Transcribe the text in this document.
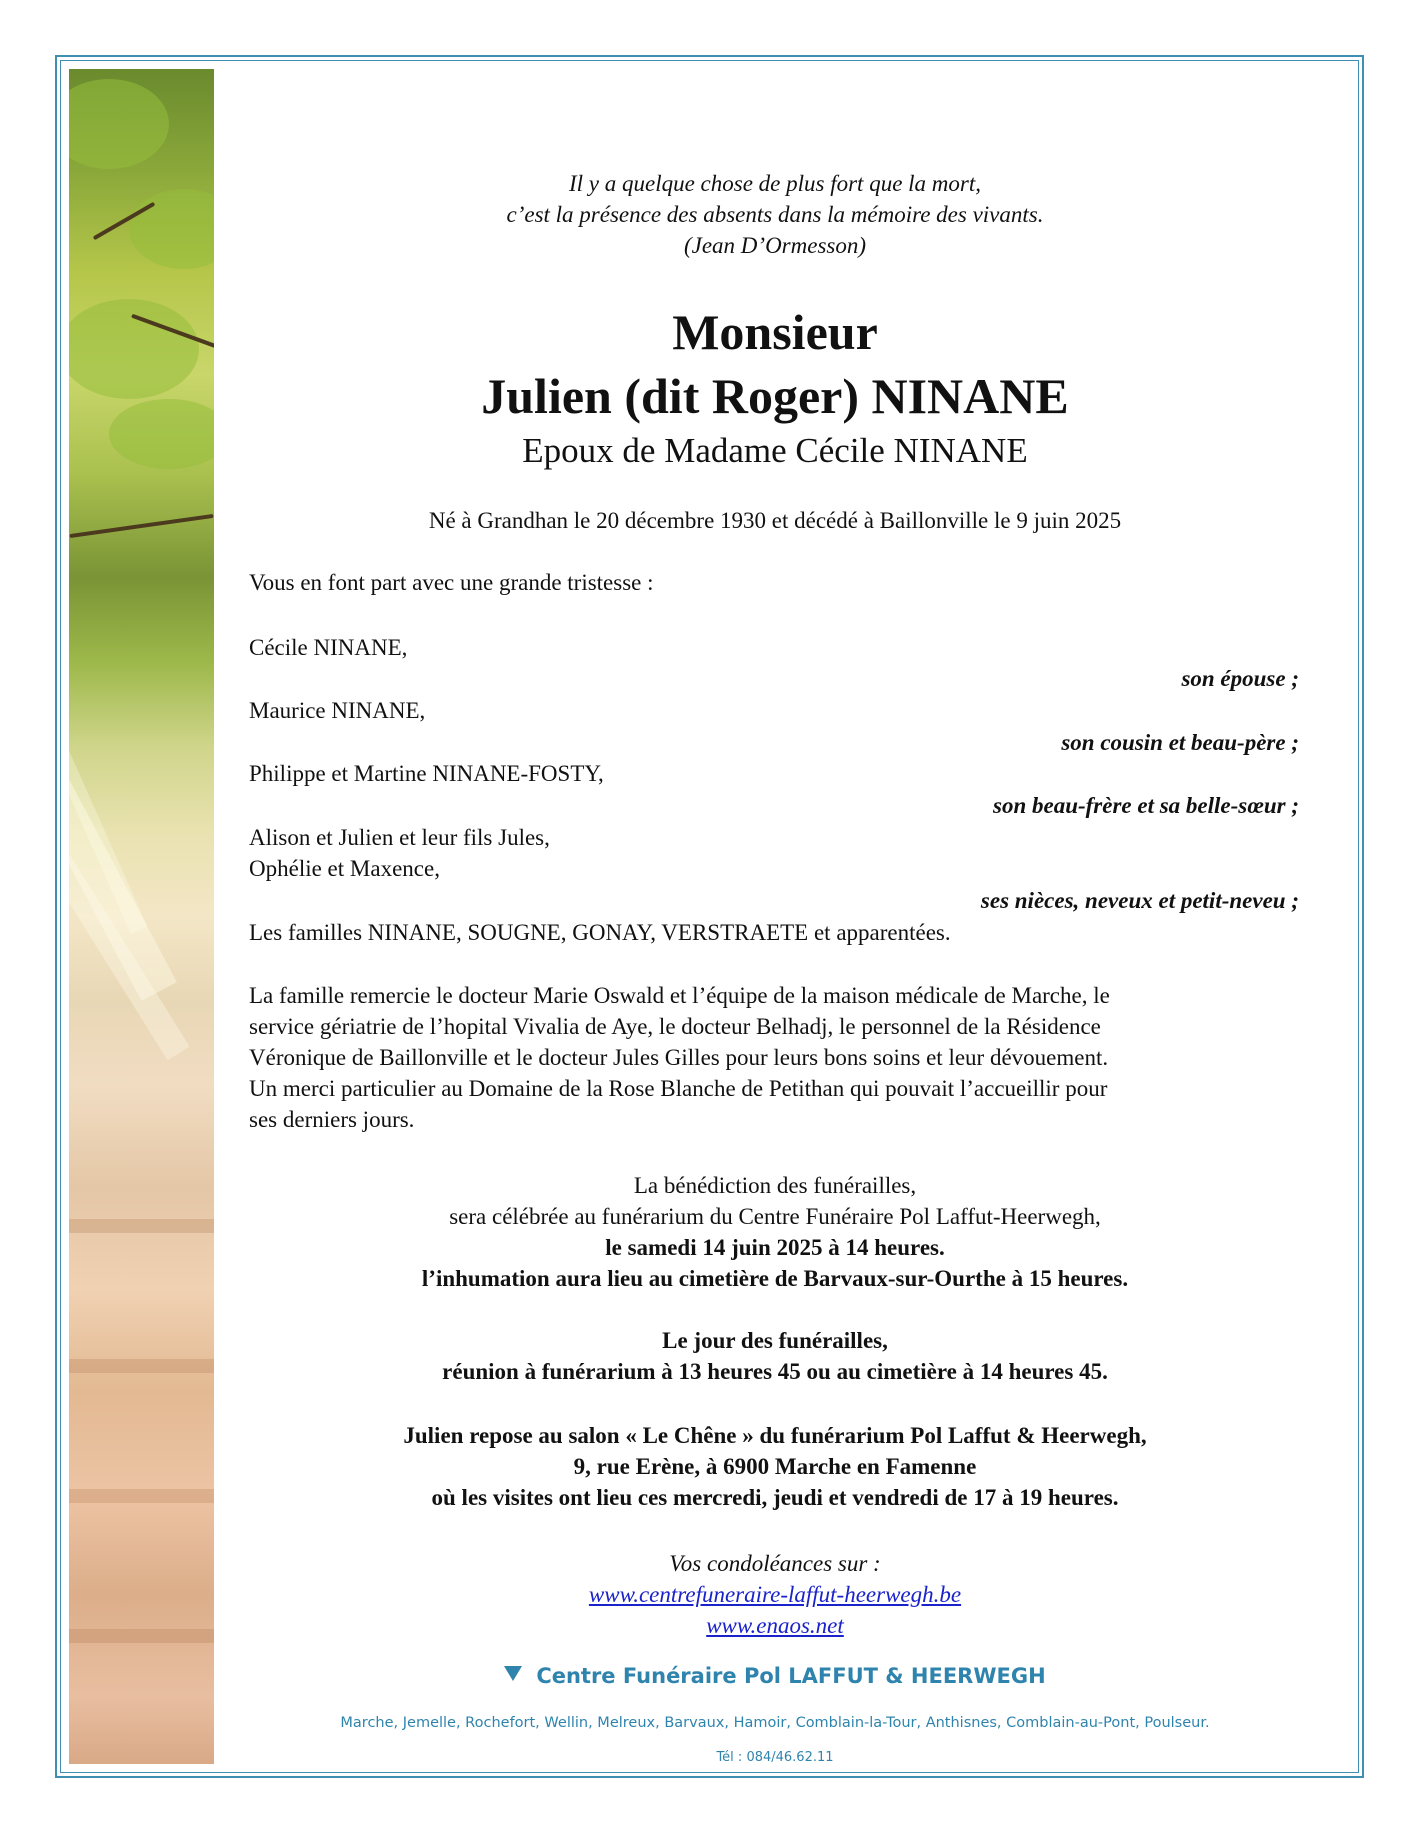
Il y a quelque chose de plus fort que la mort,
c’est la présence des absents dans la mémoire des vivants.
(Jean D’Ormesson)
Monsieur
Julien (dit Roger) NINANE
Epoux de Madame Cécile NINANE
Né à Grandhan le 20 décembre 1930 et décédé à Baillonville le 9 juin 2025
Vous en font part avec une grande tristesse :
Cécile NINANE,
son épouse ;
Maurice NINANE,
son cousin et beau-père ;
Philippe et Martine NINANE-FOSTY,
son beau-frère et sa belle-sœur ;
Alison et Julien et leur fils Jules,
Ophélie et Maxence,
ses nièces, neveux et petit-neveu ;
Les familles NINANE, SOUGNE, GONAY, VERSTRAETE et apparentées.
La famille remercie le docteur Marie Oswald et l’équipe de la maison médicale de Marche, le
service gériatrie de l’hopital Vivalia de Aye, le docteur Belhadj, le personnel de la Résidence
Véronique de Baillonville et le docteur Jules Gilles pour leurs bons soins et leur dévouement.
Un merci particulier au Domaine de la Rose Blanche de Petithan qui pouvait l’accueillir pour
ses derniers jours.
La bénédiction des funérailles,
sera célébrée au funérarium du Centre Funéraire Pol Laffut-Heerwegh,
le samedi 14 juin 2025 à 14 heures.
l’inhumation aura lieu au cimetière de Barvaux-sur-Ourthe à 15 heures.
Le jour des funérailles,
réunion à funérarium à 13 heures 45 ou au cimetière à 14 heures 45.
Julien repose au salon « Le Chêne » du funérarium Pol Laffut & Heerwegh,
9, rue Erène, à 6900 Marche en Famenne
où les visites ont lieu ces mercredi, jeudi et vendredi de 17 à 19 heures.
Vos condoléances sur :
www.centrefuneraire-laffut-heerwegh.be
www.enaos.net
Centre Funéraire Pol LAFFUT & HEERWEGH
Marche, Jemelle, Rochefort, Wellin, Melreux, Barvaux, Hamoir, Comblain-la-Tour, Anthisnes, Comblain-au-Pont, Poulseur.
Tél : 084/46.62.11
